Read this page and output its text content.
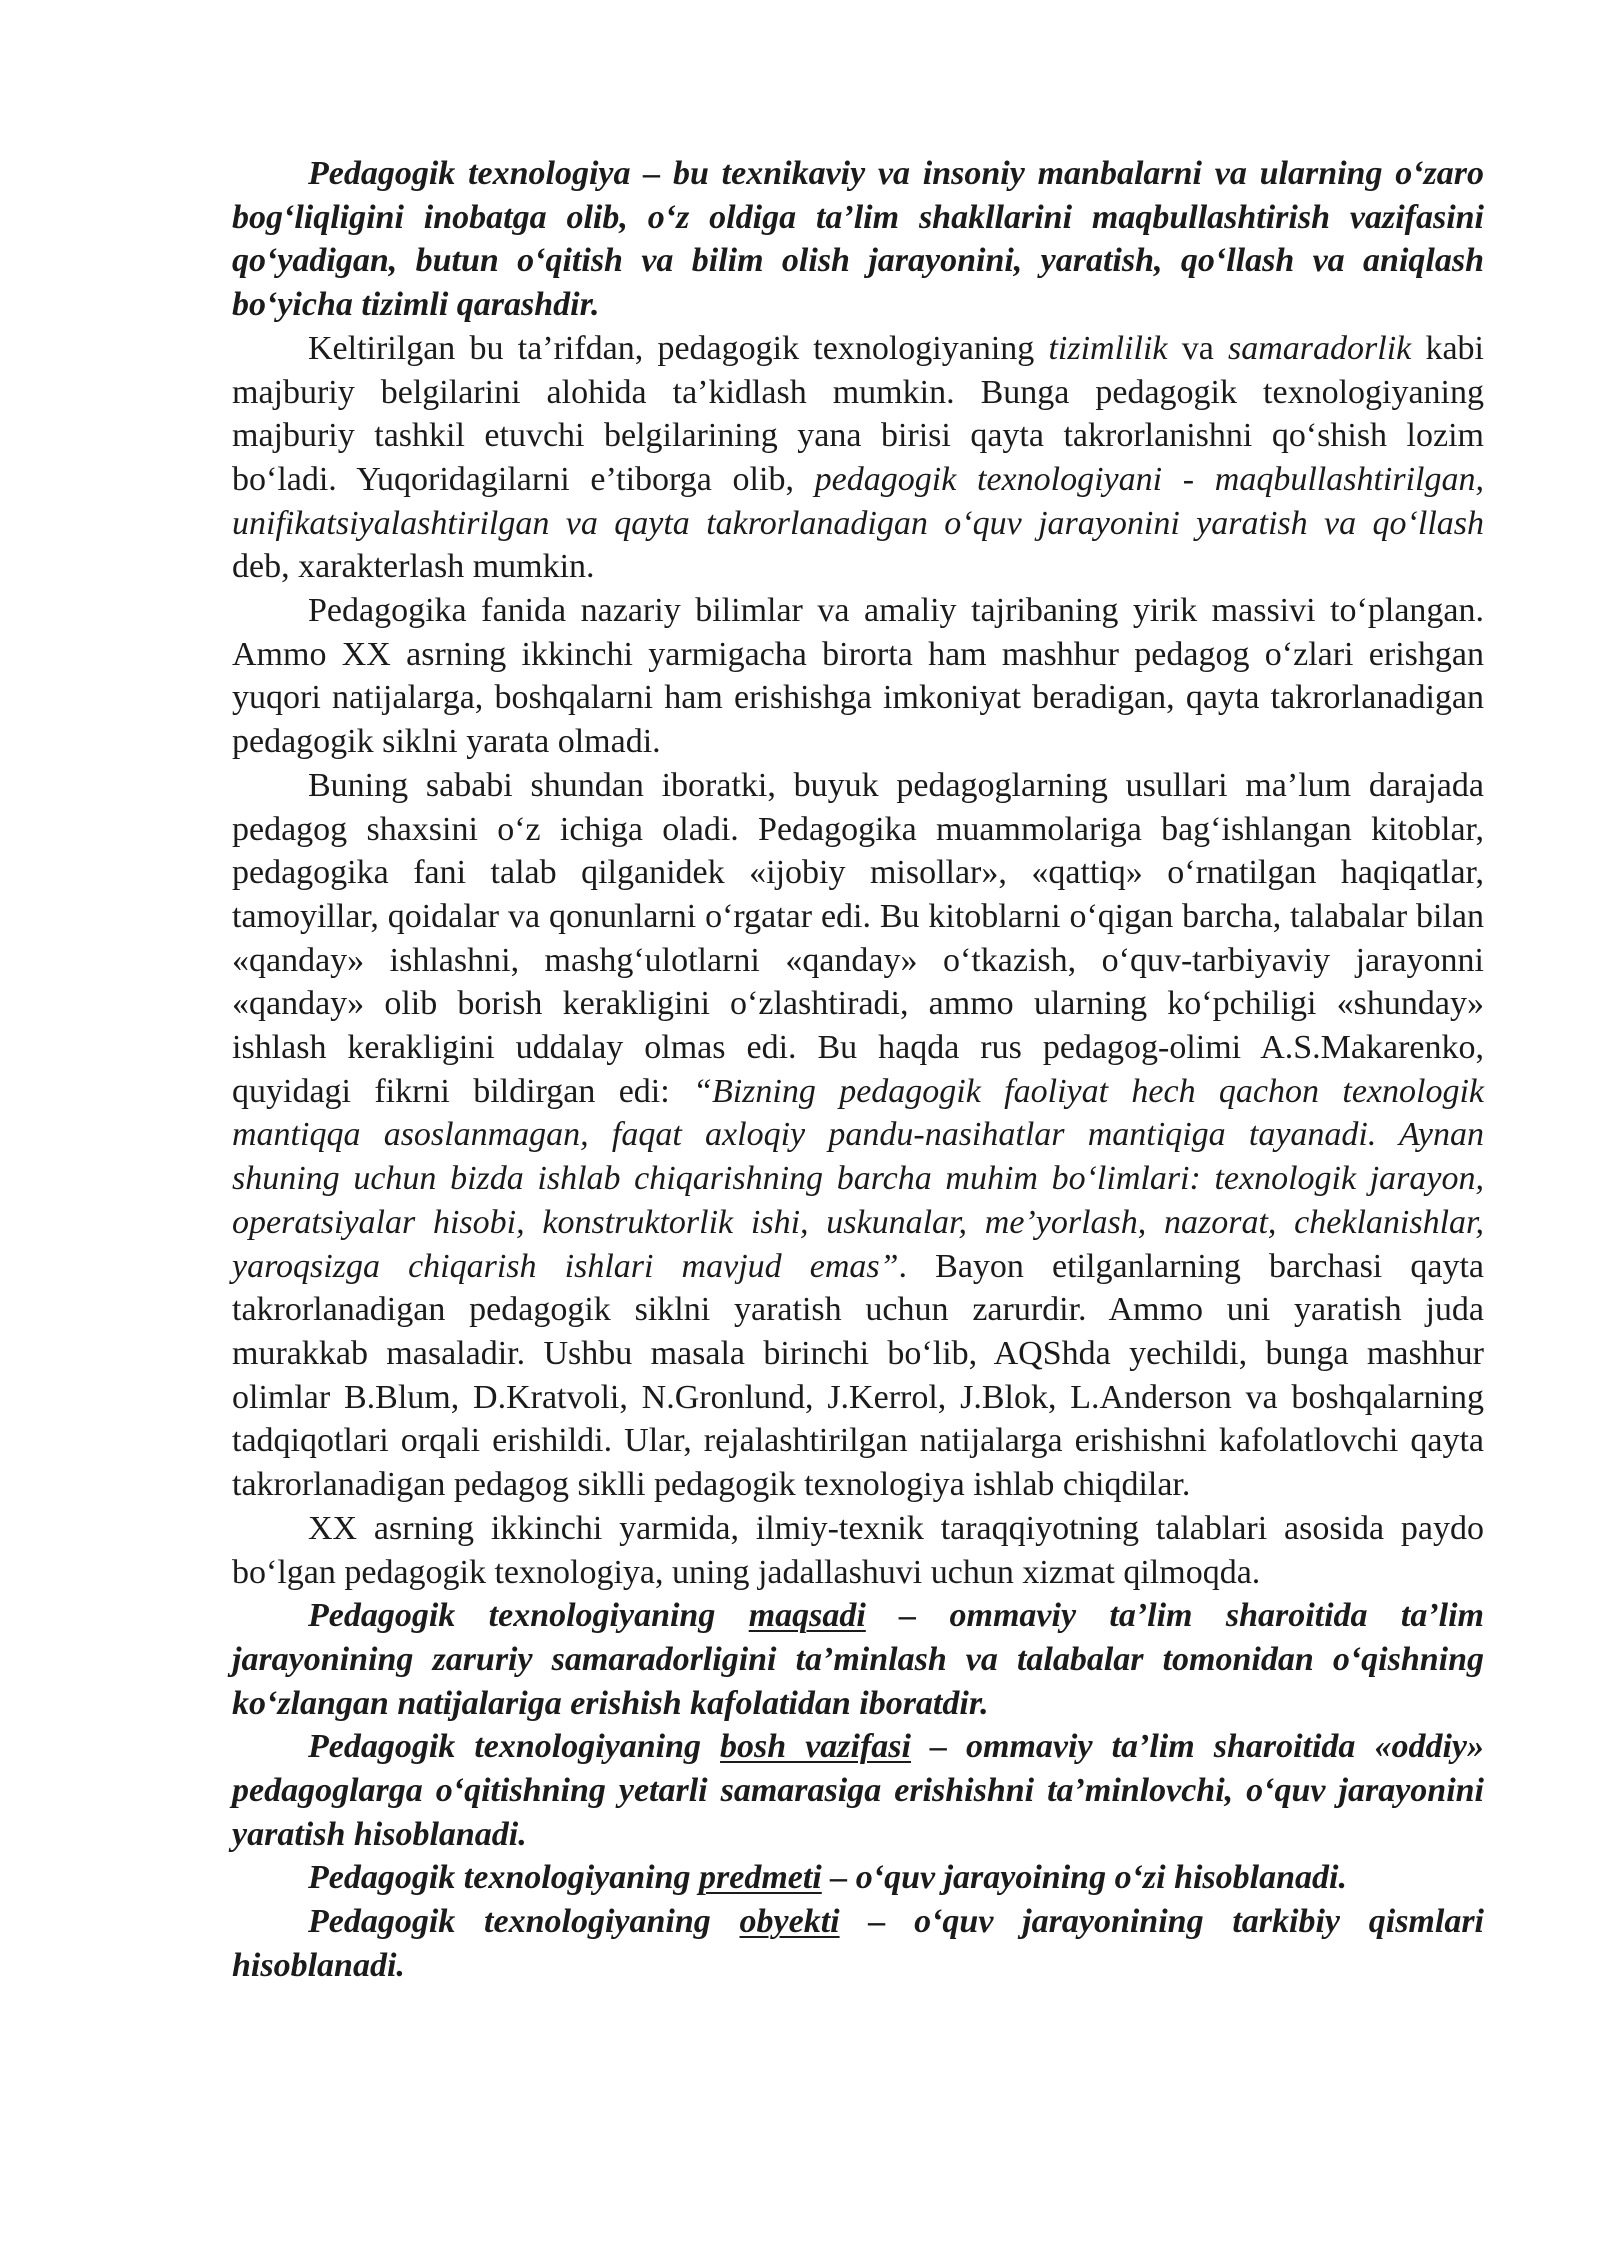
Pedagogik texnologiya – bu texnikaviy va insoniy manbalarni va ularning o‘zaro bog‘liqligini inobatga olib, o‘z oldiga ta’lim shakllarini maqbullashtirish vazifasini qo‘yadigan, butun o‘qitish va bilim olish jarayonini, yaratish, qo‘llash va aniqlash bo‘yicha tizimli qarashdir.

Keltirilgan bu ta’rifdan, pedagogik texnologiyaning tizimlilik va samaradorlik kabi majburiy belgilarini alohida ta’kidlash mumkin. Bunga pedagogik texnologiyaning majburiy tashkil etuvchi belgilarining yana birisi qayta takrorlanishni qo‘shish lozim bo‘ladi. Yuqoridagilarni e’tiborga olib, pedagogik texnologiyani - maqbullashtirilgan, unifikatsiyalashtirilgan va qayta takrorlanadigan o‘quv jarayonini yaratish va qo‘llash deb, xarakterlash mumkin.

Pedagogika fanida nazariy bilimlar va amaliy tajribaning yirik massivi to‘plangan. Ammo XX asrning ikkinchi yarmigacha birorta ham mashhur pedagog o‘zlari erishgan yuqori natijalarga, boshqalarni ham erishishga imkoniyat beradigan, qayta takrorlanadigan pedagogik siklni yarata olmadi.

Buning sababi shundan iboratki, buyuk pedagoglarning usullari ma’lum darajada pedagog shaxsini o‘z ichiga oladi. Pedagogika muammolariga bag‘ishlangan kitoblar, pedagogika fani talab qilganidek «ijobiy misollar», «qattiq» o‘rnatilgan haqiqatlar, tamoyillar, qoidalar va qonunlarni o‘rgatar edi. Bu kitoblarni o‘qigan barcha, talabalar bilan «qanday» ishlashni, mashg‘ulotlarni «qanday» o‘tkazish, o‘quv-tarbiyaviy jarayonni «qanday» olib borish kerakligini o‘zlashtiradi, ammo ularning ko‘pchiligi «shunday» ishlash kerakligini uddalay olmas edi. Bu haqda rus pedagog-olimi A.S.Makarenko, quyidagi fikrni bildirgan edi: “Bizning pedagogik faoliyat hech qachon texnologik mantiqqa asoslanmagan, faqat axloqiy pandu-nasihatlar mantiqiga tayanadi. Aynan shuning uchun bizda ishlab chiqarishning barcha muhim bo‘limlari: texnologik jarayon, operatsiyalar hisobi, konstruktorlik ishi, uskunalar, me’yorlash, nazorat, cheklanishlar, yaroqsizga chiqarish ishlari mavjud emas”. Bayon etilganlarning barchasi qayta takrorlanadigan pedagogik siklni yaratish uchun zarurdir. Ammo uni yaratish juda murakkab masaladir. Ushbu masala birinchi bo‘lib, AQShda yechildi, bunga mashhur olimlar B.Blum, D.Kratvoli, N.Gronlund, J.Kerrol, J.Blok, L.Anderson va boshqalarning tadqiqotlari orqali erishildi. Ular, rejalashtirilgan natijalarga erishishni kafolatlovchi qayta takrorlanadigan pedagog siklli pedagogik texnologiya ishlab chiqdilar.

XX asrning ikkinchi yarmida, ilmiy-texnik taraqqiyotning talablari asosida paydo bo‘lgan pedagogik texnologiya, uning jadallashuvi uchun xizmat qilmoqda.

Pedagogik texnologiyaning maqsadi – ommaviy ta’lim sharoitida ta’lim jarayonining zaruriy samaradorligini ta’minlash va talabalar tomonidan o‘qishning ko‘zlangan natijalariga erishish kafolatidan iboratdir.

Pedagogik texnologiyaning bosh vazifasi – ommaviy ta’lim sharoitida «oddiy» pedagoglarga o‘qitishning yetarli samarasiga erishishni ta’minlovchi, o‘quv jarayonini yaratish hisoblanadi.

Pedagogik texnologiyaning predmeti – o‘quv jarayoining o‘zi hisoblanadi.

Pedagogik texnologiyaning obyekti – o‘quv jarayonining tarkibiy qismlari hisoblanadi.
